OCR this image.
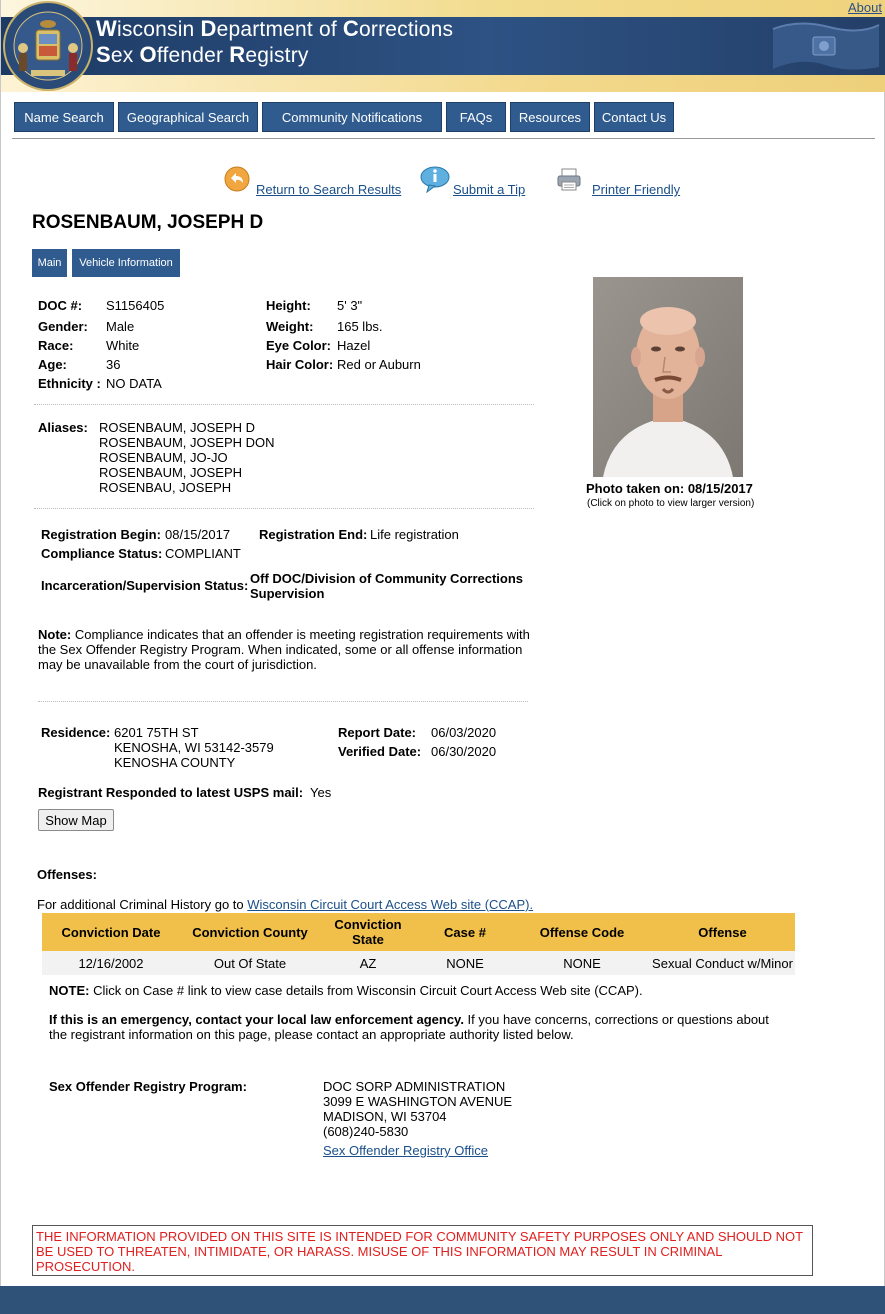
About
Wisconsin Department of Corrections
Sex Offender Registry
Name Search	Geographical Search	Community Notifications	FAQs	Resources	Contact Us
Return to Search Results	Submit a Tip	Printer Friendly
ROSENBAUM, JOSEPH D
Main	Vehicle Information
DOC #: S1156405
Gender: Male
Race:	White
Age:	36
Ethnicity : NO DATA
Height: 5' 3"
Weight: 165 lbs.
Eye Color: Hazel
Hair Color: Red or Auburn
Aliases: ROSENBAUM, JOSEPH D
ROSENBAUM, JOSEPH DON
ROSENBAUM, JO-JO
ROSENBAUM, JOSEPH
ROSENBAU, JOSEPH	Photo taken on: 08/15/2017
(Click on photo to view larger version)
Registration Begin: 08/15/2017 Registration End: Life registration
Compliance Status: COMPLIANT
Incarceration/Supervision Status: Off DOC/Division of Community Corrections
Supervision
Note: Compliance indicates that an offender is meeting registration requirements with the Sex Offender Registry Program. When indicated, some or all offense information may be unavailable from the court of jurisdiction.
Residence: 6201 75TH ST
KENOSHA, WI 53142-3579
KENOSHA COUNTY
Report Date: 06/03/2020
Verified Date: 06/30/2020
Registrant Responded to latest USPS mail: Yes
Show Map
Offenses:
For additional Criminal History go to Wisconsin Circuit Court Access Web site (CCAP).
Conviction Date	Conviction County	Conviction State	Case #	Offense Code	Offense
12/16/2002	Out Of State	AZ	NONE	NONE	Sexual Conduct w/Minor
NOTE: Click on Case # link to view case details from Wisconsin Circuit Court Access Web site (CCAP).
If this is an emergency, contact your local law enforcement agency. If you have concerns, corrections or questions about the registrant information on this page, please contact an appropriate authority listed below.
Sex Offender Registry Program:	DOC SORP ADMINISTRATION
3099 E WASHINGTON AVENUE
MADISON, WI 53704
(608)240-5830
Sex Offender Registry Office
THE INFORMATION PROVIDED ON THIS SITE IS INTENDED FOR COMMUNITY SAFETY PURPOSES ONLY AND SHOULD NOT BE USED TO THREATEN, INTIMIDATE, OR HARASS. MISUSE OF THIS INFORMATION MAY RESULT IN CRIMINAL PROSECUTION.
